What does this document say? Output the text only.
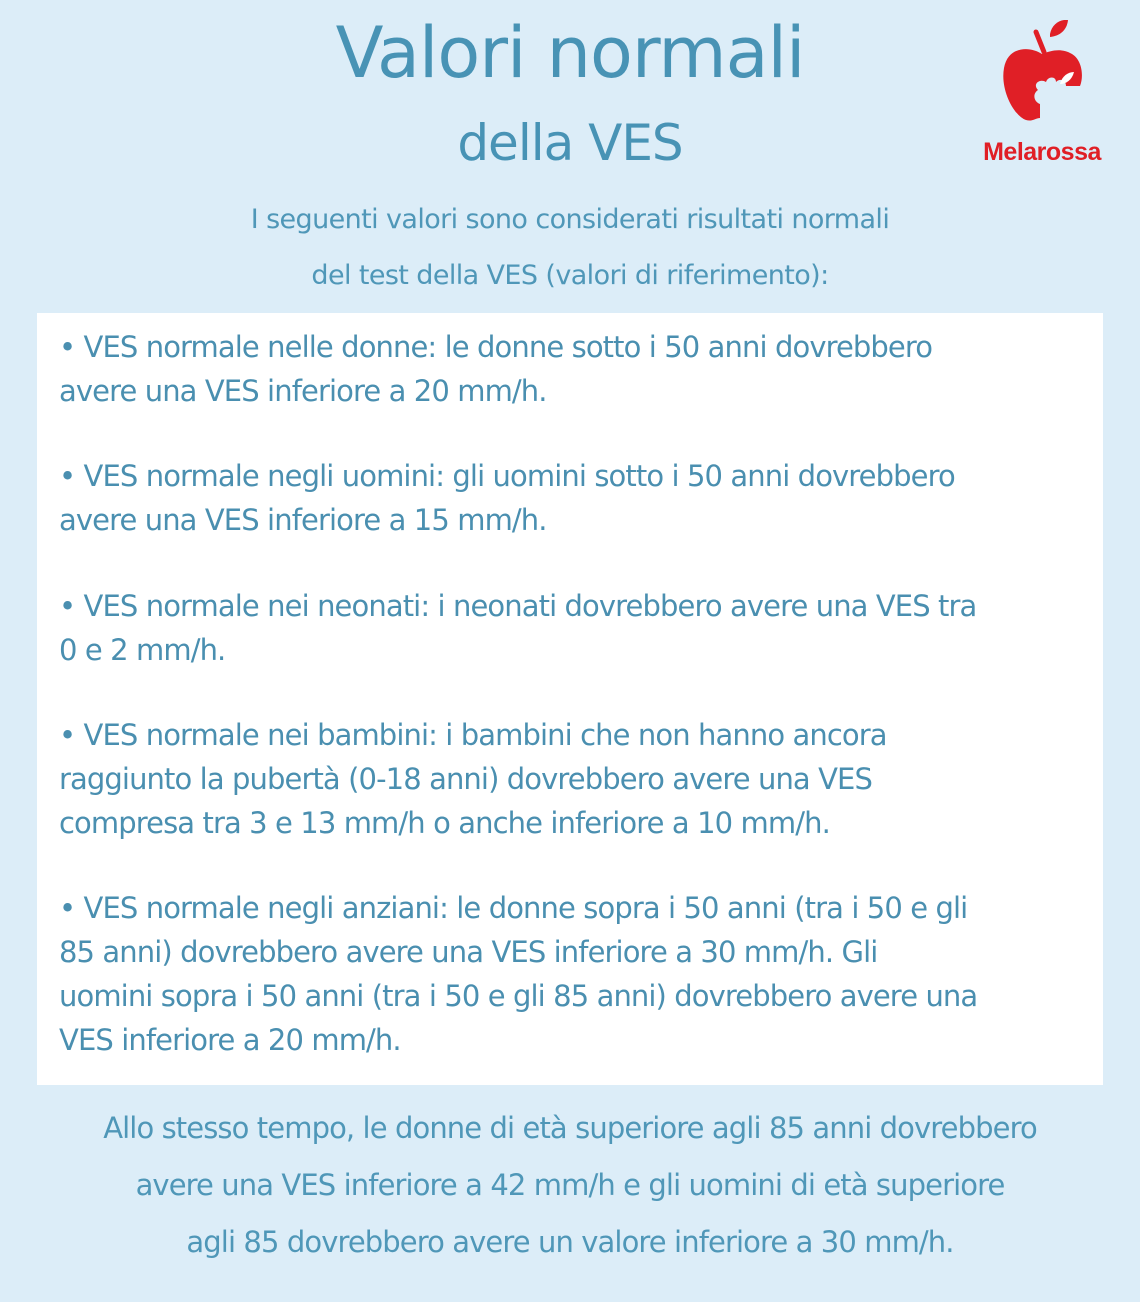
Valori normali
della VES	Melarossa
I seguenti valori sono considerati risultati normali
del test della VES (valori di riferimento):
• VES normale nelle donne: le donne sotto i 50 anni dovrebbero
avere una VES inferiore a 20 mm/h.
• VES normale negli uomini: gli uomini sotto i 50 anni dovrebbero
avere una VES inferiore a 15 mm/h.
• VES normale nei neonati: i neonati dovrebbero avere una VES tra
0 e 2 mm/h.
• VES normale nei bambini: i bambini che non hanno ancora
raggiunto la pubertà (0-18 anni) dovrebbero avere una VES
compresa tra 3 e 13 mm/h o anche inferiore a 10 mm/h.
• VES normale negli anziani: le donne sopra i 50 anni (tra i 50 e gli
85 anni) dovrebbero avere una VES inferiore a 30 mm/h. Gli
uomini sopra i 50 anni (tra i 50 e gli 85 anni) dovrebbero avere una
VES inferiore a 20 mm/h.
Allo stesso tempo, le donne di età superiore agli 85 anni dovrebbero
avere una VES inferiore a 42 mm/h e gli uomini di età superiore
agli 85 dovrebbero avere un valore inferiore a 30 mm/h.
